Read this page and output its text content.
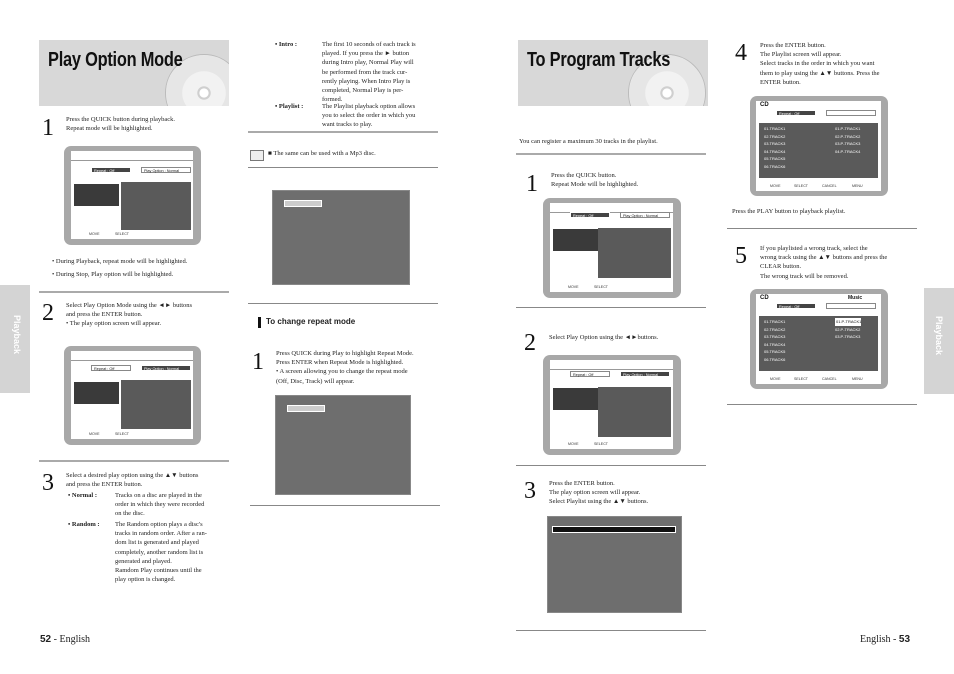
Play Option Mode
1 Press the QUICK button during playback.
Repeat mode will be highlighted.
Repeat : Off	Play Option : Normal
MOVE	SELECT
• During Playback, repeat mode will be highlighted.
• During Stop, Play option will be highlighted.
2 Select Play Option Mode using the ◄► buttons
and press the ENTER button.
• The play option screen will appear.
Repeat : Off	Play Option : Normal
MOVE	SELECT
3 Select a desired play option using the ▲▼ buttons
and press the ENTER button.
• Normal :	Tracks on a disc are played in the
order in which they were recorded
on the disc.
• Random : The Random option plays a disc's
tracks in random order. After a ran-
dom list is generated and played
completely, another random list is
generated and played.
Ramdom Play continues until the
play option is changed.
• Intro :	The first 10 seconds of each track is
played. If you press the ► button
during Intro play, Normal Play will
be performed from the track cur-
rently playing. When Intro Play is
completed, Normal Play is per-
formed.
• Playlist :	The Playlist playback option allows
you to select the order in which you
want tracks to play.
■ The same can be used with a Mp3 disc.
To change repeat mode
1 Press QUICK during Play to highlight Repeat Mode.
Press ENTER when Repeat Mode is highlighted.
• A screen allowing you to change the repeat mode
(Off, Disc, Track) will appear.
Playback
52 - English
To Program Tracks
You can register a maximum 30 tracks in the playlist.
1 Press the QUICK button.
Repeat Mode will be highlighted.
Repeat : Off	Play Option : Normal
MOVE	SELECT
2 Select Play Option using the ◄►buttons.
Repeat : Off	Play Option : Normal
MOVE	SELECT
3 Press the ENTER button.
The play option screen will appear.
Select Playlist using the ▲▼ buttons.
4 Press the ENTER button.
The Playlist screen will appear.
Select tracks in the order in which you want
them to play using the ▲▼ buttons. Press the
ENTER button.
CD
Repeat : Off
01.TRACK1
02.TRACK2
03.TRACK3
04.TRACK4
05.TRACK5
06.TRACK6
01.P-TRACK1
02.P-TRACK2
03.P-TRACK3
04.P-TRACK4
MOVE	SELECT	CANCEL	MENU
Press the PLAY button to playback playlist.
5 If you playlisted a wrong track, select the
wrong track using the ▲▼ buttons and press the
CLEAR button.
The wrong track will be removed.
CD	Music
Repeat : Off
01.TRACK1
02.TRACK2
03.TRACK3
04.TRACK4
05.TRACK5
06.TRACK6
01.P-TRACK1
02.P-TRACK2
03.P-TRACK3
MOVE	SELECT	CANCEL	MENU
Playback
English - 53
